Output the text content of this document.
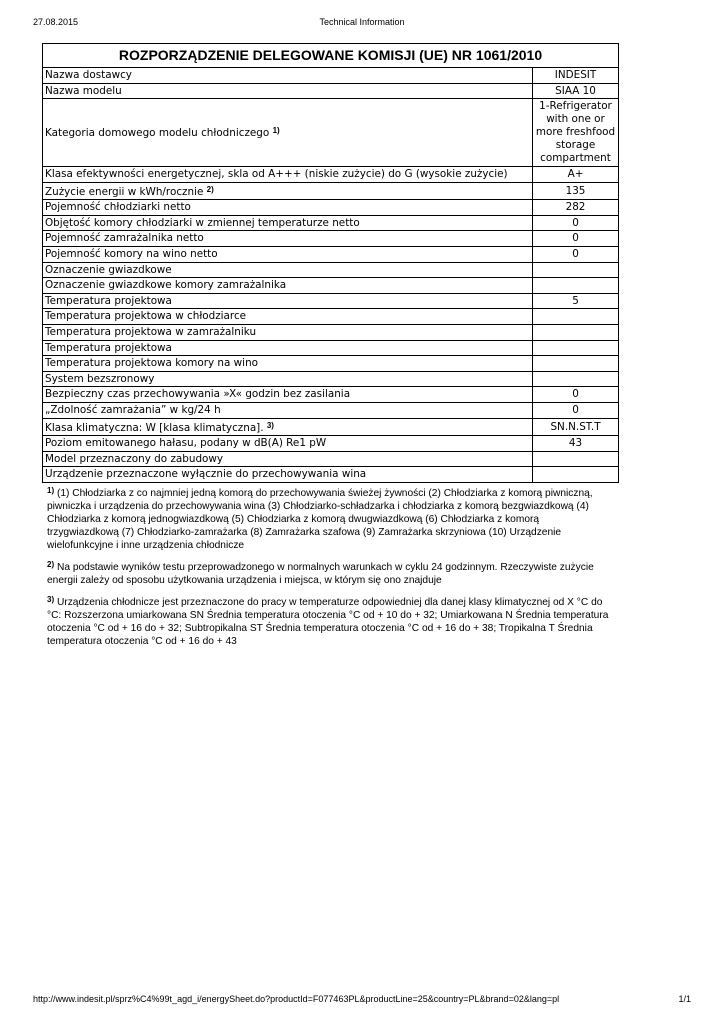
27.08.2015	Technical Information
ROZPORZĄDZENIE DELEGOWANE KOMISJI (UE) NR 1061/2010	
Nazwa dostawcy	INDESIT
Nazwa modelu	SIAA 10
Kategoria domowego modelu chłodniczego $^{1)}$	1-Refrigerator with one or more freshfood storage compartment
Klasa efektywności energetycznej, skla od A+++ (niskie zużycie) do G (wysokie zużycie)	A+
Zużycie energii w kWh/rocznie $^{2)}$	135
Pojemność chłodziarki netto	282
Objętość komory chłodziarki w zmiennej temperaturze netto	0
Pojemność zamrażalnika netto	0
Pojemność komory na wino netto	0
Oznaczenie gwiazdkowe	
Oznaczenie gwiazdkowe komory zamrażalnika	
Temperatura projektowa	5
Temperatura projektowa w chłodziarce	
Temperatura projektowa w zamrażalniku	
Temperatura projektowa	
Temperatura projektowa komory na wino	
System bezszronowy	
Bezpieczny czas przechowywania »X« godzin bez zasilania	0
„Zdolność zamrażania” w kg/24 h	0
Klasa klimatyczna: W [klasa klimatyczna]. $^{3)}$	SN.N.ST.T
Poziom emitowanego hałasu, podany w dB(A) Re1 pW	43
Model przeznaczony do zabudowy	
Urządzenie przeznaczone wyłącznie do przechowywania wina	

$^{1)}$ (1) Chłodziarka z co najmniej jedną komorą do przechowywania świeżej żywności (2) Chłodziarka z komorą piwniczną, piwniczka i urządzenia do przechowywania wina (3) Chłodziarko-schładzarka i chłodziarka z komorą bezgwiazdkową (4) Chłodziarka z komorą jednogwiazdkową (5) Chłodziarka z komorą dwugwiazdkową (6) Chłodziarka z komorą trzygwiazdkową (7) Chłodziarko-zamrażarka (8) Zamrażarka szafowa (9) Zamrażarka skrzyniowa (10) Urządzenie wielofunkcyjne i inne urządzenia chłodnicze

$^{2)}$ Na podstawie wyników testu przeprowadzonego w normalnych warunkach w cyklu 24 godzinnym. Rzeczywiste zużycie energii zależy od sposobu użytkowania urządzenia i miejsca, w którym się ono znajduje

$^{3)}$ Urządzenia chłodnicze jest przeznaczone do pracy w temperaturze odpowiedniej dla danej klasy klimatycznej od X °C do °C: Rozszerzona umiarkowana SN Średnia temperatura otoczenia °C od + 10 do + 32; Umiarkowana N Średnia temperatura otoczenia °C od + 16 do + 32; Subtropikalna ST Średnia temperatura otoczenia °C od + 16 do + 38; Tropikalna T Średnia temperatura otoczenia °C od + 16 do + 43

http://www.indesit.pl/sprz%C4%99t_agd_i/energySheet.do?productId=F077463PL&productLine=25&country=PL&brand=02&lang=pl	1/1
